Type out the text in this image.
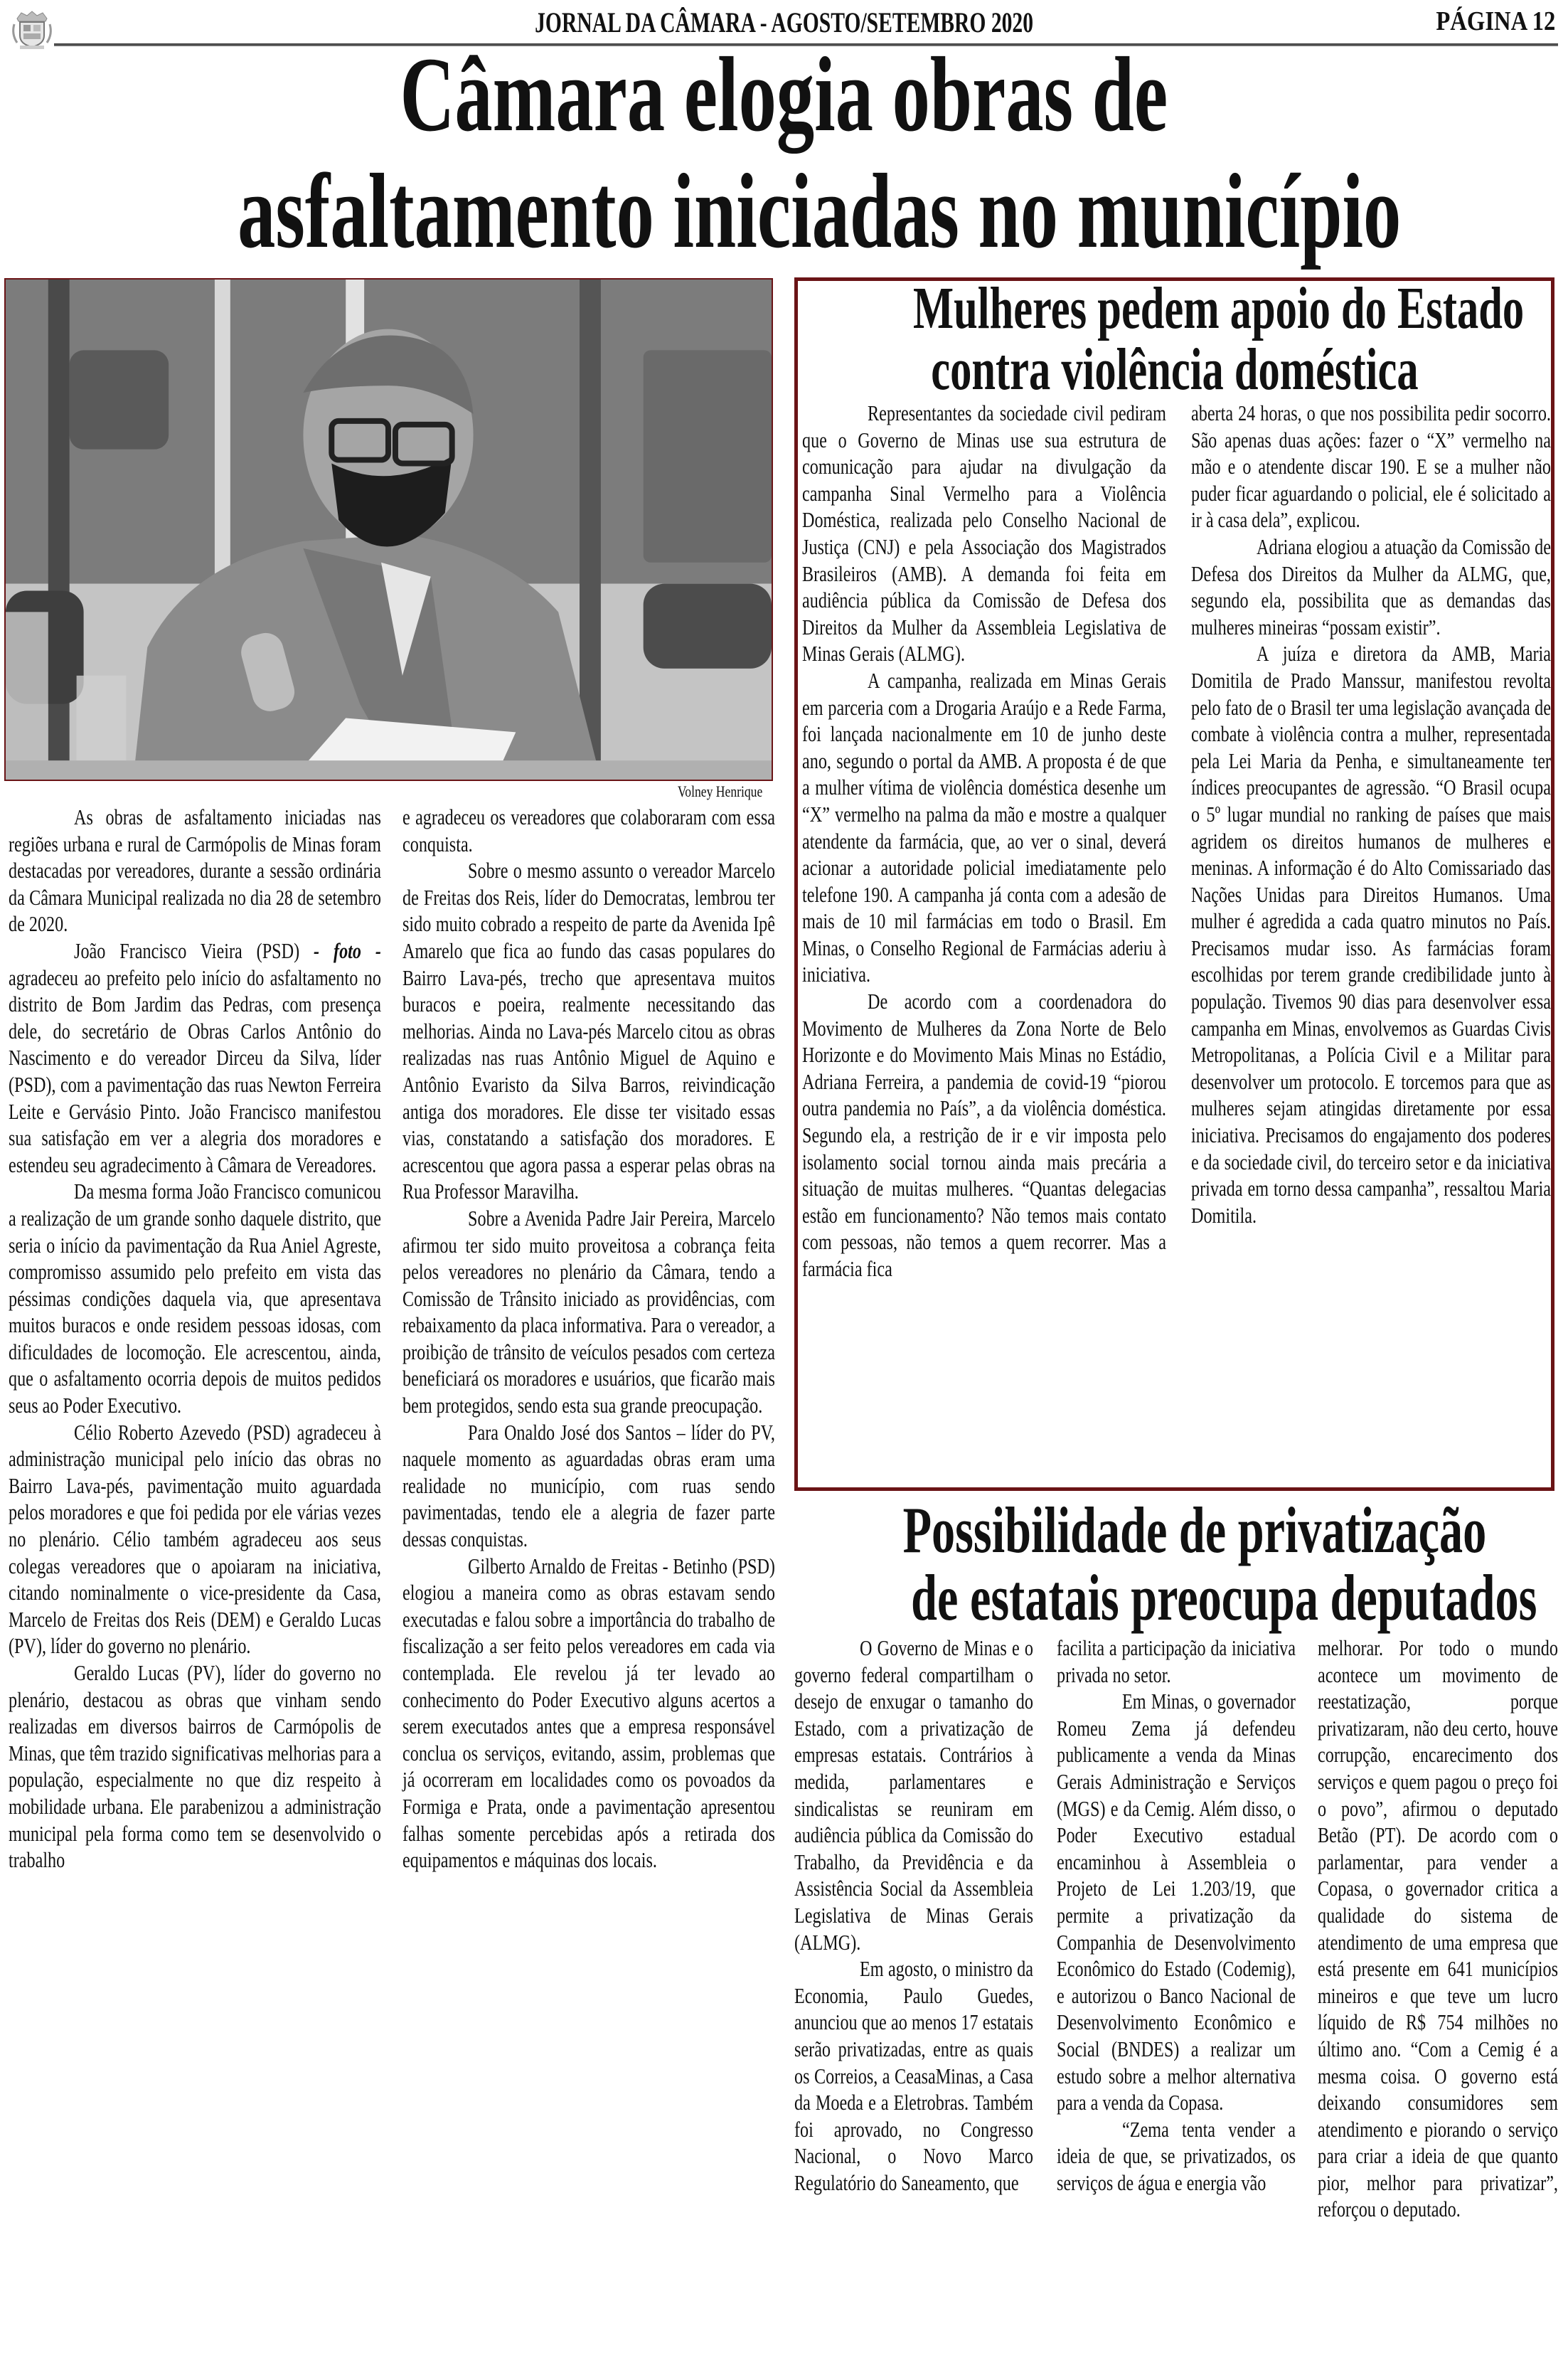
JORNAL DA CÂMARA - AGOSTO/SETEMBRO 2020	PÁGINA 12
Câmara elogia obras de
asfaltamento iniciadas no município
Volney Henrique

As obras de asfaltamento iniciadas nas regiões urbana e rural de Carmópolis de Minas foram destacadas por vereadores, durante a sessão ordinária da Câmara Municipal realizada no dia 28 de setembro de 2020.

João Francisco Vieira (PSD) - foto - agradeceu ao prefeito pelo início do asfaltamento no distrito de Bom Jardim das Pedras, com presença dele, do secretário de Obras Carlos Antônio do Nascimento e do vereador Dirceu da Silva, líder (PSD), com a pavimentação das ruas Newton Ferreira Leite e Gervásio Pinto. João Francisco manifestou sua satisfação em ver a alegria dos moradores e estendeu seu agradecimento à Câmara de Vereadores.

Da mesma forma João Francisco comunicou a realização de um grande sonho daquele distrito, que seria o início da pavimentação da Rua Aniel Agreste, compromisso assumido pelo prefeito em vista das péssimas condições daquela via, que apresentava muitos buracos e onde residem pessoas idosas, com dificuldades de locomoção. Ele acrescentou, ainda, que o asfaltamento ocorria depois de muitos pedidos seus ao Poder Executivo.

Célio Roberto Azevedo (PSD) agradeceu à administração municipal pelo início das obras no Bairro Lava-pés, pavimentação muito aguardada pelos moradores e que foi pedida por ele várias vezes no plenário. Célio também agradeceu aos seus colegas vereadores que o apoiaram na iniciativa, citando nominalmente o vice-presidente da Casa, Marcelo de Freitas dos Reis (DEM) e Geraldo Lucas (PV), líder do governo no plenário.

Geraldo Lucas (PV), líder do governo no plenário, destacou as obras que vinham sendo realizadas em diversos bairros de Carmópolis de Minas, que têm trazido significativas melhorias para a população, especialmente no que diz respeito à mobilidade urbana. Ele parabenizou a administração municipal pela forma como tem se desenvolvido o trabalho

e agradeceu os vereadores que colaboraram com essa conquista.

Sobre o mesmo assunto o vereador Marcelo de Freitas dos Reis, líder do Democratas, lembrou ter sido muito cobrado a respeito de parte da Avenida Ipê Amarelo que fica ao fundo das casas populares do Bairro Lava-pés, trecho que apresentava muitos buracos e poeira, realmente necessitando das melhorias. Ainda no Lava-pés Marcelo citou as obras realizadas nas ruas Antônio Miguel de Aquino e Antônio Evaristo da Silva Barros, reivindicação antiga dos moradores. Ele disse ter visitado essas vias, constatando a satisfação dos moradores. E acrescentou que agora passa a esperar pelas obras na Rua Professor Maravilha.

Sobre a Avenida Padre Jair Pereira, Marcelo afirmou ter sido muito proveitosa a cobrança feita pelos vereadores no plenário da Câmara, tendo a Comissão de Trânsito iniciado as providências, com rebaixamento da placa informativa. Para o vereador, a proibição de trânsito de veículos pesados com certeza beneficiará os moradores e usuários, que ficarão mais bem protegidos, sendo esta sua grande preocupação.

Para Onaldo José dos Santos – líder do PV, naquele momento as aguardadas obras eram uma realidade no município, com ruas sendo pavimentadas, tendo ele a alegria de fazer parte dessas conquistas.

Gilberto Arnaldo de Freitas - Betinho (PSD) elogiou a maneira como as obras estavam sendo executadas e falou sobre a importância do trabalho de fiscalização a ser feito pelos vereadores em cada via contemplada. Ele revelou já ter levado ao conhecimento do Poder Executivo alguns acertos a serem executados antes que a empresa responsável conclua os serviços, evitando, assim, problemas que já ocorreram em localidades como os povoados da Formiga e Prata, onde a pavimentação apresentou falhas somente percebidas após a retirada dos equipamentos e máquinas dos locais.

Mulheres pedem apoio do Estado
contra violência doméstica

Representantes da sociedade civil pediram que o Governo de Minas use sua estrutura de comunicação para ajudar na divulgação da campanha Sinal Vermelho para a Violência Doméstica, realizada pelo Conselho Nacional de Justiça (CNJ) e pela Associação dos Magistrados Brasileiros (AMB). A demanda foi feita em audiência pública da Comissão de Defesa dos Direitos da Mulher da Assembleia Legislativa de Minas Gerais (ALMG).

A campanha, realizada em Minas Gerais em parceria com a Drogaria Araújo e a Rede Farma, foi lançada nacionalmente em 10 de junho deste ano, segundo o portal da AMB. A proposta é de que a mulher vítima de violência doméstica desenhe um “X” vermelho na palma da mão e mostre a qualquer atendente da farmácia, que, ao ver o sinal, deverá acionar a autoridade policial imediatamente pelo telefone 190. A campanha já conta com a adesão de mais de 10 mil farmácias em todo o Brasil. Em Minas, o Conselho Regional de Farmácias aderiu à iniciativa.

De acordo com a coordenadora do Movimento de Mulheres da Zona Norte de Belo Horizonte e do Movimento Mais Minas no Estádio, Adriana Ferreira, a pandemia de covid-19 “piorou outra pandemia no País”, a da violência doméstica. Segundo ela, a restrição de ir e vir imposta pelo isolamento social tornou ainda mais precária a situação de muitas mulheres. “Quantas delegacias estão em funcionamento? Não temos mais contato com pessoas, não temos a quem recorrer. Mas a farmácia fica

aberta 24 horas, o que nos possibilita pedir socorro. São apenas duas ações: fazer o “X” vermelho na mão e o atendente discar 190. E se a mulher não puder ficar aguardando o policial, ele é solicitado a ir à casa dela”, explicou.

Adriana elogiou a atuação da Comissão de Defesa dos Direitos da Mulher da ALMG, que, segundo ela, possibilita que as demandas das mulheres mineiras “possam existir”.

A juíza e diretora da AMB, Maria Domitila de Prado Manssur, manifestou revolta pelo fato de o Brasil ter uma legislação avançada de combate à violência contra a mulher, representada pela Lei Maria da Penha, e simultaneamente ter índices preocupantes de agressão. “O Brasil ocupa o 5º lugar mundial no ranking de países que mais agridem os direitos humanos de mulheres e meninas. A informação é do Alto Comissariado das Nações Unidas para Direitos Humanos. Uma mulher é agredida a cada quatro minutos no País. Precisamos mudar isso. As farmácias foram escolhidas por terem grande credibilidade junto à população. Tivemos 90 dias para desenvolver essa campanha em Minas, envolvemos as Guardas Civis Metropolitanas, a Polícia Civil e a Militar para desenvolver um protocolo. E torcemos para que as mulheres sejam atingidas diretamente por essa iniciativa. Precisamos do engajamento dos poderes e da sociedade civil, do terceiro setor e da iniciativa privada em torno dessa campanha”, ressaltou Maria Domitila.

Possibilidade de privatização
de estatais preocupa deputados

O Governo de Minas e o governo federal compartilham o desejo de enxugar o tamanho do Estado, com a privatização de empresas estatais. Contrários à medida, parlamentares e sindicalistas se reuniram em audiência pública da Comissão do Trabalho, da Previdência e da Assistência Social da Assembleia Legislativa de Minas Gerais (ALMG).

Em agosto, o ministro da Economia, Paulo Guedes, anunciou que ao menos 17 estatais serão privatizadas, entre as quais os Correios, a CeasaMinas, a Casa da Moeda e a Eletrobras. Também foi aprovado, no Congresso Nacional, o Novo Marco Regulatório do Saneamento, que

facilita a participação da iniciativa privada no setor.

Em Minas, o governador Romeu Zema já defendeu publicamente a venda da Minas Gerais Administração e Serviços (MGS) e da Cemig. Além disso, o Poder Executivo estadual encaminhou à Assembleia o Projeto de Lei 1.203/19, que permite a privatização da Companhia de Desenvolvimento Econômico do Estado (Codemig), e autorizou o Banco Nacional de Desenvolvimento Econômico e Social (BNDES) a realizar um estudo sobre a melhor alternativa para a venda da Copasa.

“Zema tenta vender a ideia de que, se privatizados, os serviços de água e energia vão

melhorar. Por todo o mundo acontece um movimento de reestatização, porque privatizaram, não deu certo, houve corrupção, encarecimento dos serviços e quem pagou o preço foi o povo”, afirmou o deputado Betão (PT). De acordo com o parlamentar, para vender a Copasa, o governador critica a qualidade do sistema de atendimento de uma empresa que está presente em 641 municípios mineiros e que teve um lucro líquido de R$ 754 milhões no último ano. “Com a Cemig é a mesma coisa. O governo está deixando consumidores sem atendimento e piorando o serviço para criar a ideia de que quanto pior, melhor para privatizar”, reforçou o deputado.
